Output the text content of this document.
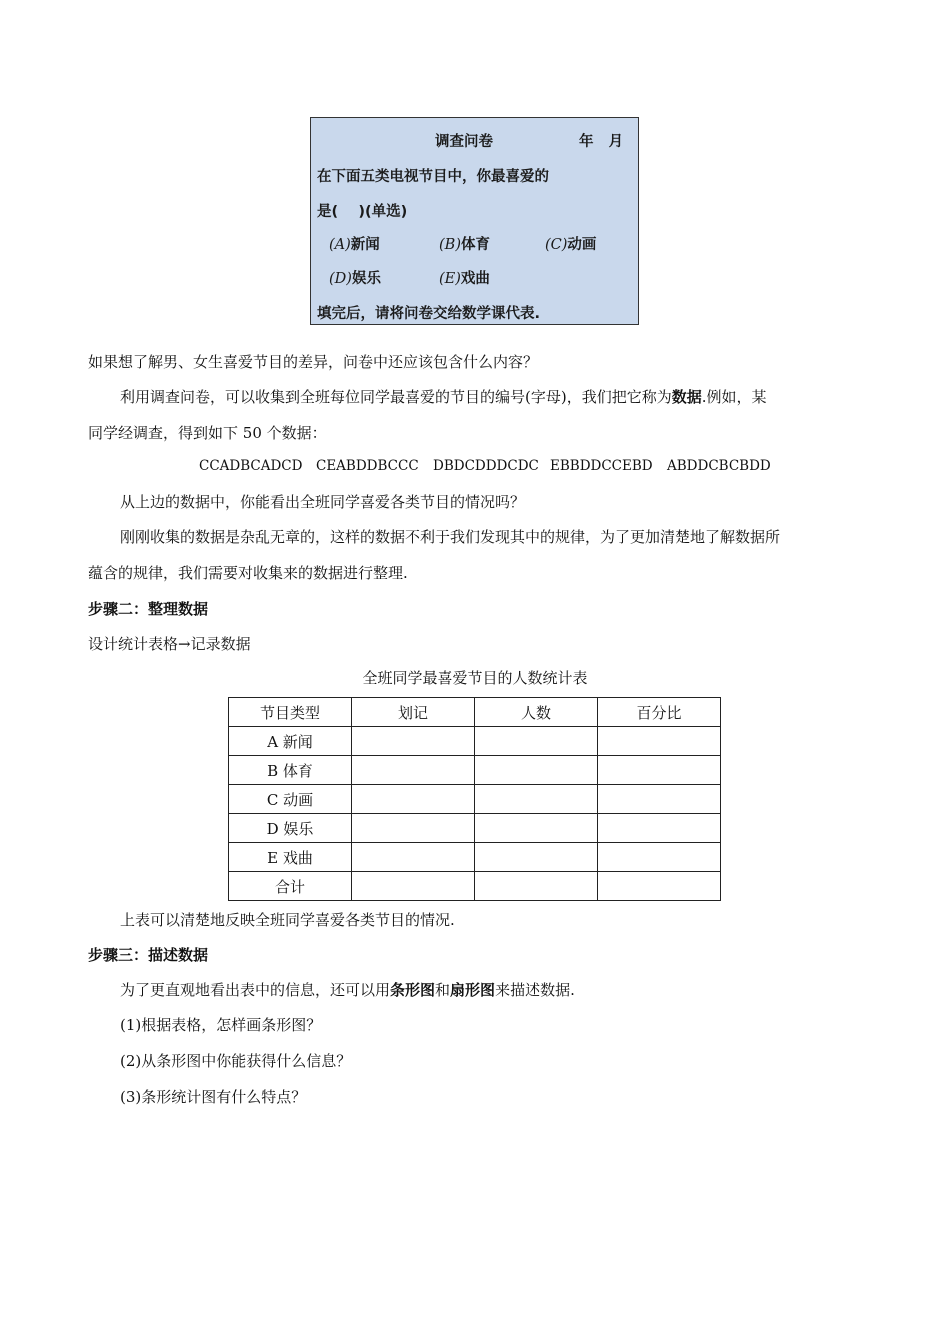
调查问卷	年   月
在下面五类电视节目中，你最喜爱的
是(    )(单选)
(A)新闻	(B)体育	(C)动画
(D)娱乐	(E)戏曲
填完后，请将问卷交给数学课代表.
如果想了解男、女生喜爱节目的差异，问卷中还应该包含什么内容？
利用调查问卷，可以收集到全班每位同学最喜爱的节目的编号(字母)，我们把它称为数据.例如，某
同学经调查，得到如下 50 个数据：
CCADBCADCD CEABDDBCCC DBDCDDDCDC EBBDDCCEBD ABDDCBCBDD
从上边的数据中，你能看出全班同学喜爱各类节目的情况吗？
刚刚收集的数据是杂乱无章的，这样的数据不利于我们发现其中的规律，为了更加清楚地了解数据所
蕴含的规律，我们需要对收集来的数据进行整理.
步骤二：整理数据
设计统计表格→记录数据
全班同学最喜爱节目的人数统计表
节目类型	划记	人数	百分比
A 新闻			
B 体育			
C 动画			
D 娱乐			
E 戏曲			
合计			
上表可以清楚地反映全班同学喜爱各类节目的情况.
步骤三：描述数据
为了更直观地看出表中的信息，还可以用条形图和扇形图来描述数据.
(1)根据表格，怎样画条形图？
(2)从条形图中你能获得什么信息？
(3)条形统计图有什么特点？
